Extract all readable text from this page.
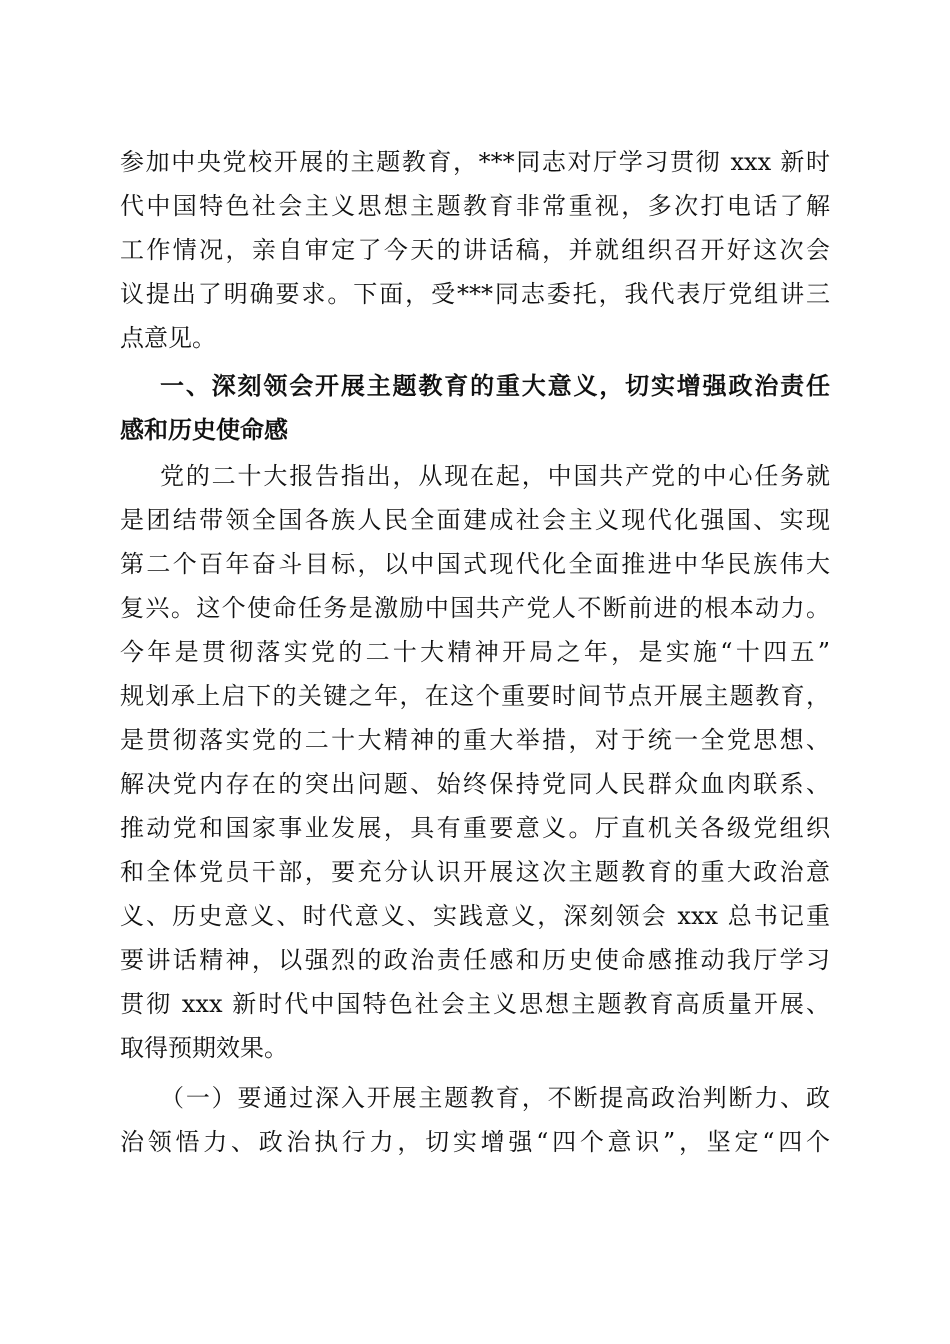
参加中央党校开展的主题教育，***同志对厅学习贯彻 xxx 新时
代中国特色社会主义思想主题教育非常重视，多次打电话了解
工作情况，亲自审定了今天的讲话稿，并就组织召开好这次会
议提出了明确要求。下面，受***同志委托，我代表厅党组讲三
点意见。
一、深刻领会开展主题教育的重大意义，切实增强政治责任
感和历史使命感
党的二十大报告指出，从现在起，中国共产党的中心任务就
是团结带领全国各族人民全面建成社会主义现代化强国、实现
第二个百年奋斗目标，以中国式现代化全面推进中华民族伟大
复兴。这个使命任务是激励中国共产党人不断前进的根本动力。
今年是贯彻落实党的二十大精神开局之年，是实施“十四五”
规划承上启下的关键之年，在这个重要时间节点开展主题教育，
是贯彻落实党的二十大精神的重大举措，对于统一全党思想、
解决党内存在的突出问题、始终保持党同人民群众血肉联系、
推动党和国家事业发展，具有重要意义。厅直机关各级党组织
和全体党员干部，要充分认识开展这次主题教育的重大政治意
义、历史意义、时代意义、实践意义，深刻领会 xxx 总书记重
要讲话精神，以强烈的政治责任感和历史使命感推动我厅学习
贯彻 xxx 新时代中国特色社会主义思想主题教育高质量开展、
取得预期效果。
（一）要通过深入开展主题教育，不断提高政治判断力、政
治领悟力、政治执行力，切实增强“四个意识”，坚定“四个
